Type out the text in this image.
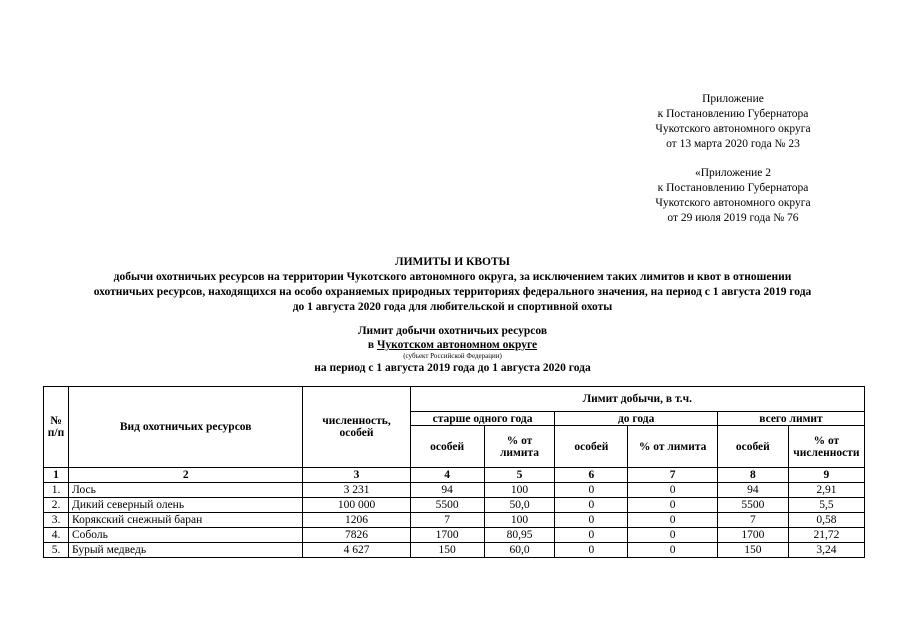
Приложение
к Постановлению Губернатора
Чукотского автономного округа
от 13 марта 2020 года № 23
«Приложение 2
к Постановлению Губернатора
Чукотского автономного округа
от 29 июля 2019 года № 76
ЛИМИТЫ И КВОТЫ
добычи охотничьих ресурсов на территории Чукотского автономного округа, за исключением таких лимитов и квот в отношении
охотничьих ресурсов, находящихся на особо охраняемых природных территориях федерального значения, на период с 1 августа 2019 года
до 1 августа 2020 года для любительской и спортивной охоты
Лимит добычи охотничьих ресурсов
в Чукотском автономном округе
(субъект Российской Федерации)
на период с 1 августа 2019 года до 1 августа 2020 года
№ п/п	Вид охотничьих ресурсов	численность, особей	Лимит добычи, в т.ч.					
			старше одного года		до года		всего лимит	
			особей	% от лимита	особей	% от лимита	особей	% от численности
1	2	3	4	5	6	7	8	9
1.	Лось	3 231	94	100	0	0	94	2,91
2.	Дикий северный олень	100 000	5500	50,0	0	0	5500	5,5
3.	Корякский снежный баран	1206	7	100	0	0	7	0,58
4.	Соболь	7826	1700	80,95	0	0	1700	21,72
5.	Бурый медведь	4 627	150	60,0	0	0	150	3,24
